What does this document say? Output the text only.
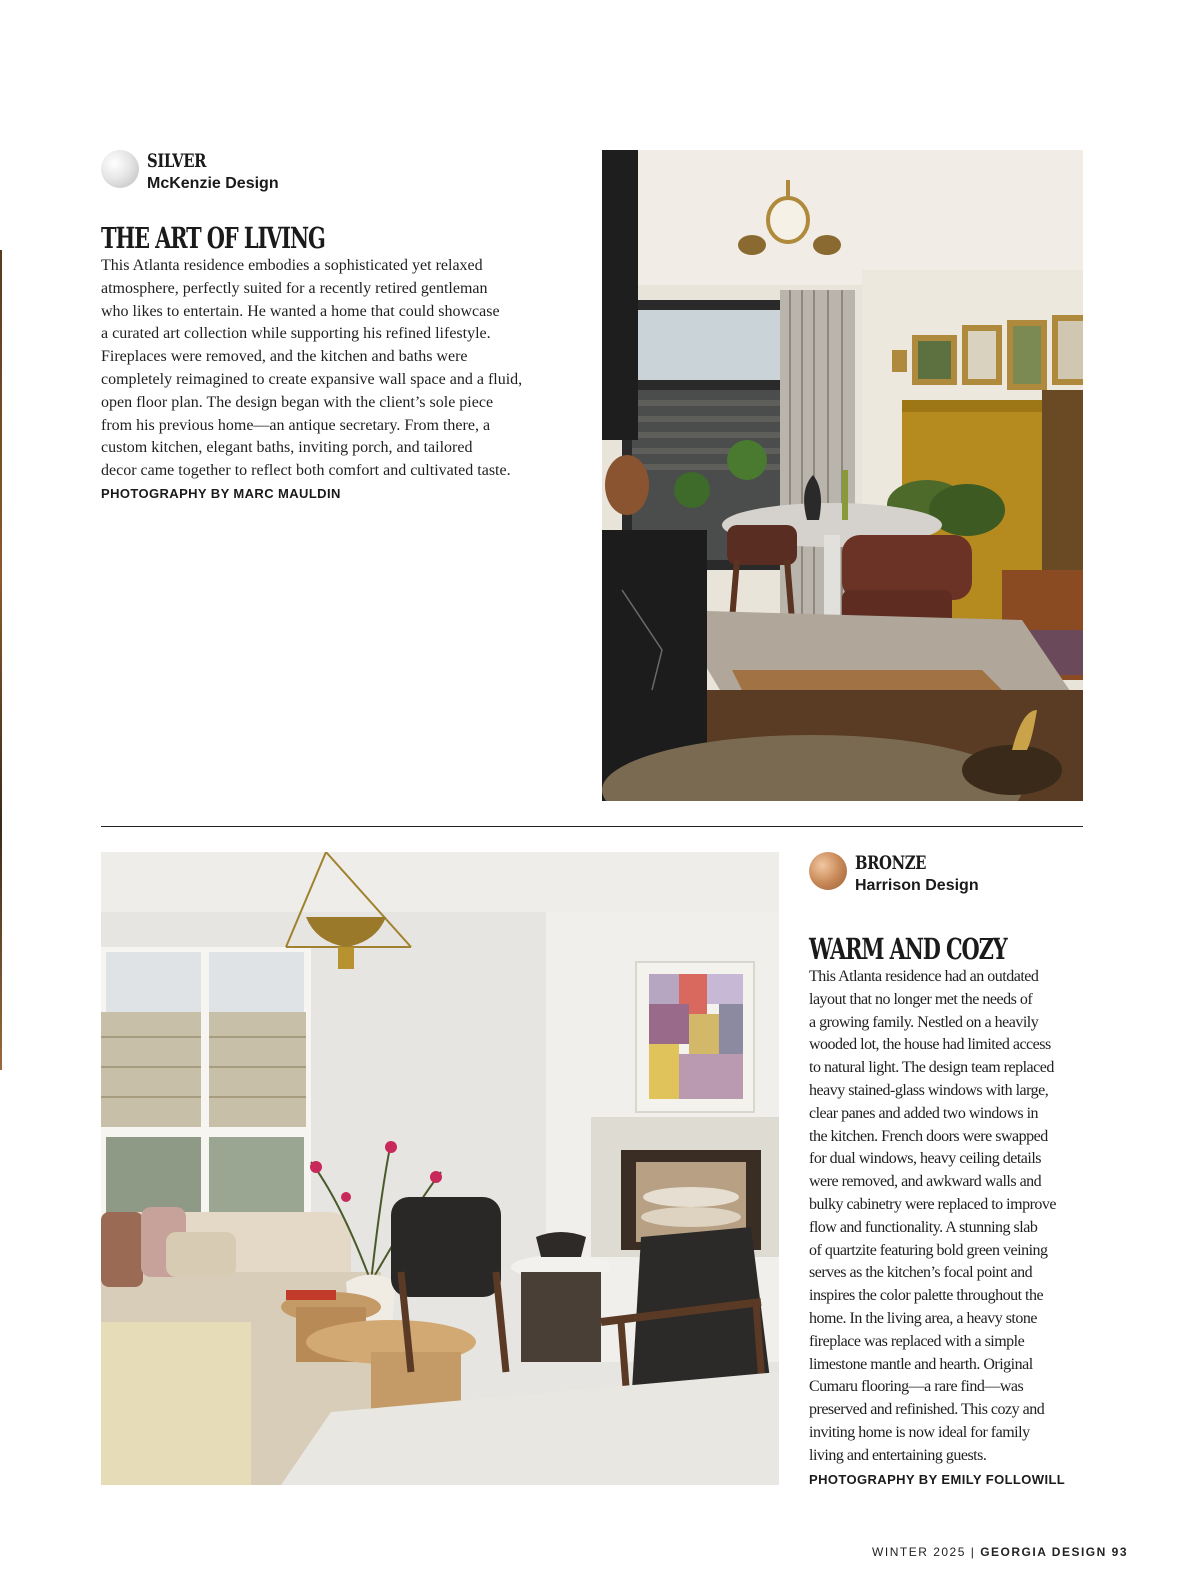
SILVER
McKenzie Design
THE ART OF LIVING
This Atlanta residence embodies a sophisticated yet relaxed
atmosphere, perfectly suited for a recently retired gentleman
who likes to entertain. He wanted a home that could showcase
a curated art collection while supporting his refined lifestyle.
Fireplaces were removed, and the kitchen and baths were
completely reimagined to create expansive wall space and a fluid,
open floor plan. The design began with the client’s sole piece
from his previous home—an antique secretary. From there, a
custom kitchen, elegant baths, inviting porch, and tailored
decor came together to reflect both comfort and cultivated taste.
PHOTOGRAPHY BY MARC MAULDIN
BRONZE
Harrison Design
WARM AND COZY
This Atlanta residence had an outdated
layout that no longer met the needs of
a growing family. Nestled on a heavily
wooded lot, the house had limited access
to natural light. The design team replaced
heavy stained-glass windows with large,
clear panes and added two windows in
the kitchen. French doors were swapped
for dual windows, heavy ceiling details
were removed, and awkward walls and
bulky cabinetry were replaced to improve
flow and functionality. A stunning slab
of quartzite featuring bold green veining
serves as the kitchen’s focal point and
inspires the color palette throughout the
home. In the living area, a heavy stone
fireplace was replaced with a simple
limestone mantle and hearth. Original
Cumaru flooring—a rare find—was
preserved and refinished. This cozy and
inviting home is now ideal for family
living and entertaining guests.
PHOTOGRAPHY BY EMILY FOLLOWILL
WINTER 2025 | GEORGIA DESIGN 93
